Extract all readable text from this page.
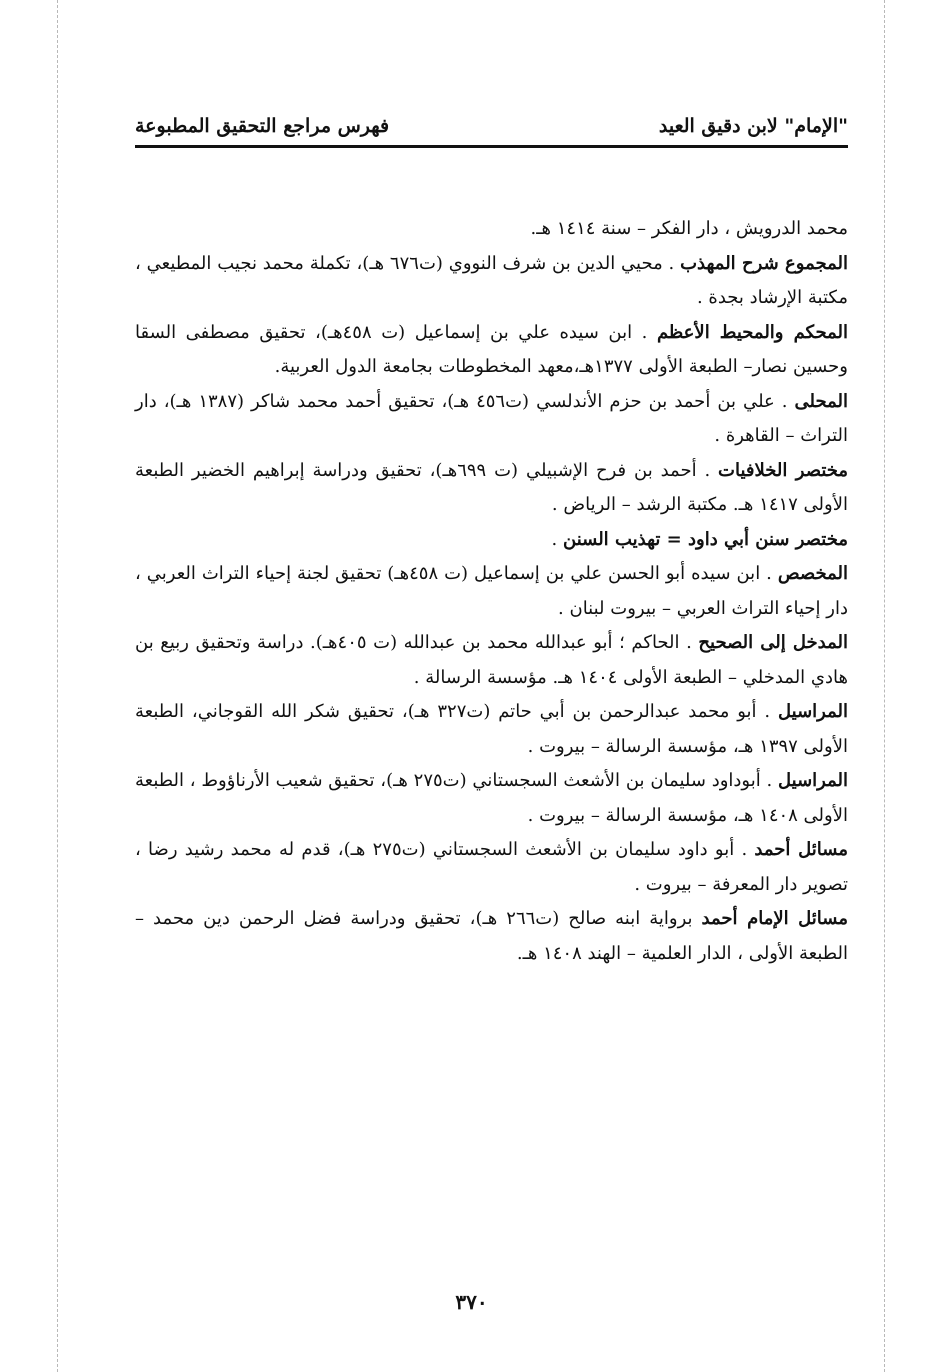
"الإمام" لابن دقيق العيد
فهرس مراجع التحقيق المطبوعة

محمد الدرويش ، دار الفكر – سنة ١٤١٤ هـ.

المجموع شرح المهذب . محيي الدين بن شرف النووي (ت٦٧٦ هـ)، تكملة محمد نجيب المطيعي ، مكتبة الإرشاد بجدة .

المحكم والمحيط الأعظم . ابن سيده علي بن إسماعيل (ت ٤٥٨هـ)، تحقيق مصطفى السقا وحسين نصار– الطبعة الأولى ١٣٧٧هـ،معهد المخطوطات بجامعة الدول العربية.

المحلى . علي بن أحمد بن حزم الأندلسي (ت٤٥٦ هـ)، تحقيق أحمد محمد شاكر (١٣٨٧ هـ)، دار التراث – القاهرة .

مختصر الخلافيات . أحمد بن فرح الإشبيلي (ت ٦٩٩هـ)، تحقيق ودراسة إبراهيم الخضير الطبعة الأولى ١٤١٧ هـ. مكتبة الرشد – الرياض .

مختصر سنن أبي داود = تهذيب السنن .

المخصص . ابن سيده أبو الحسن علي بن إسماعيل (ت ٤٥٨هـ) تحقيق لجنة إحياء التراث العربي ، دار إحياء التراث العربي – بيروت لبنان .

المدخل إلى الصحيح . الحاكم ؛ أبو عبدالله محمد بن عبدالله (ت ٤٠٥هـ). دراسة وتحقيق ربيع بن هادي المدخلي – الطبعة الأولى ١٤٠٤ هـ. مؤسسة الرسالة .

المراسيل . أبو محمد عبدالرحمن بن أبي حاتم (ت٣٢٧ هـ)، تحقيق شكر الله القوجاني، الطبعة الأولى ١٣٩٧ هـ، مؤسسة الرسالة – بيروت .

المراسيل . أبوداود سليمان بن الأشعث السجستاني (ت٢٧٥ هـ)، تحقيق شعيب الأرناؤوط ، الطبعة الأولى ١٤٠٨ هـ، مؤسسة الرسالة – بيروت .

مسائل أحمد . أبو داود سليمان بن الأشعث السجستاني (ت٢٧٥ هـ)، قدم له محمد رشيد رضا ، تصوير دار المعرفة – بيروت .

مسائل الإمام أحمد برواية ابنه صالح (ت٢٦٦ هـ)، تحقيق ودراسة فضل الرحمن دين محمد – الطبعة الأولى ، الدار العلمية – الهند ١٤٠٨ هـ.

٣٧٠
